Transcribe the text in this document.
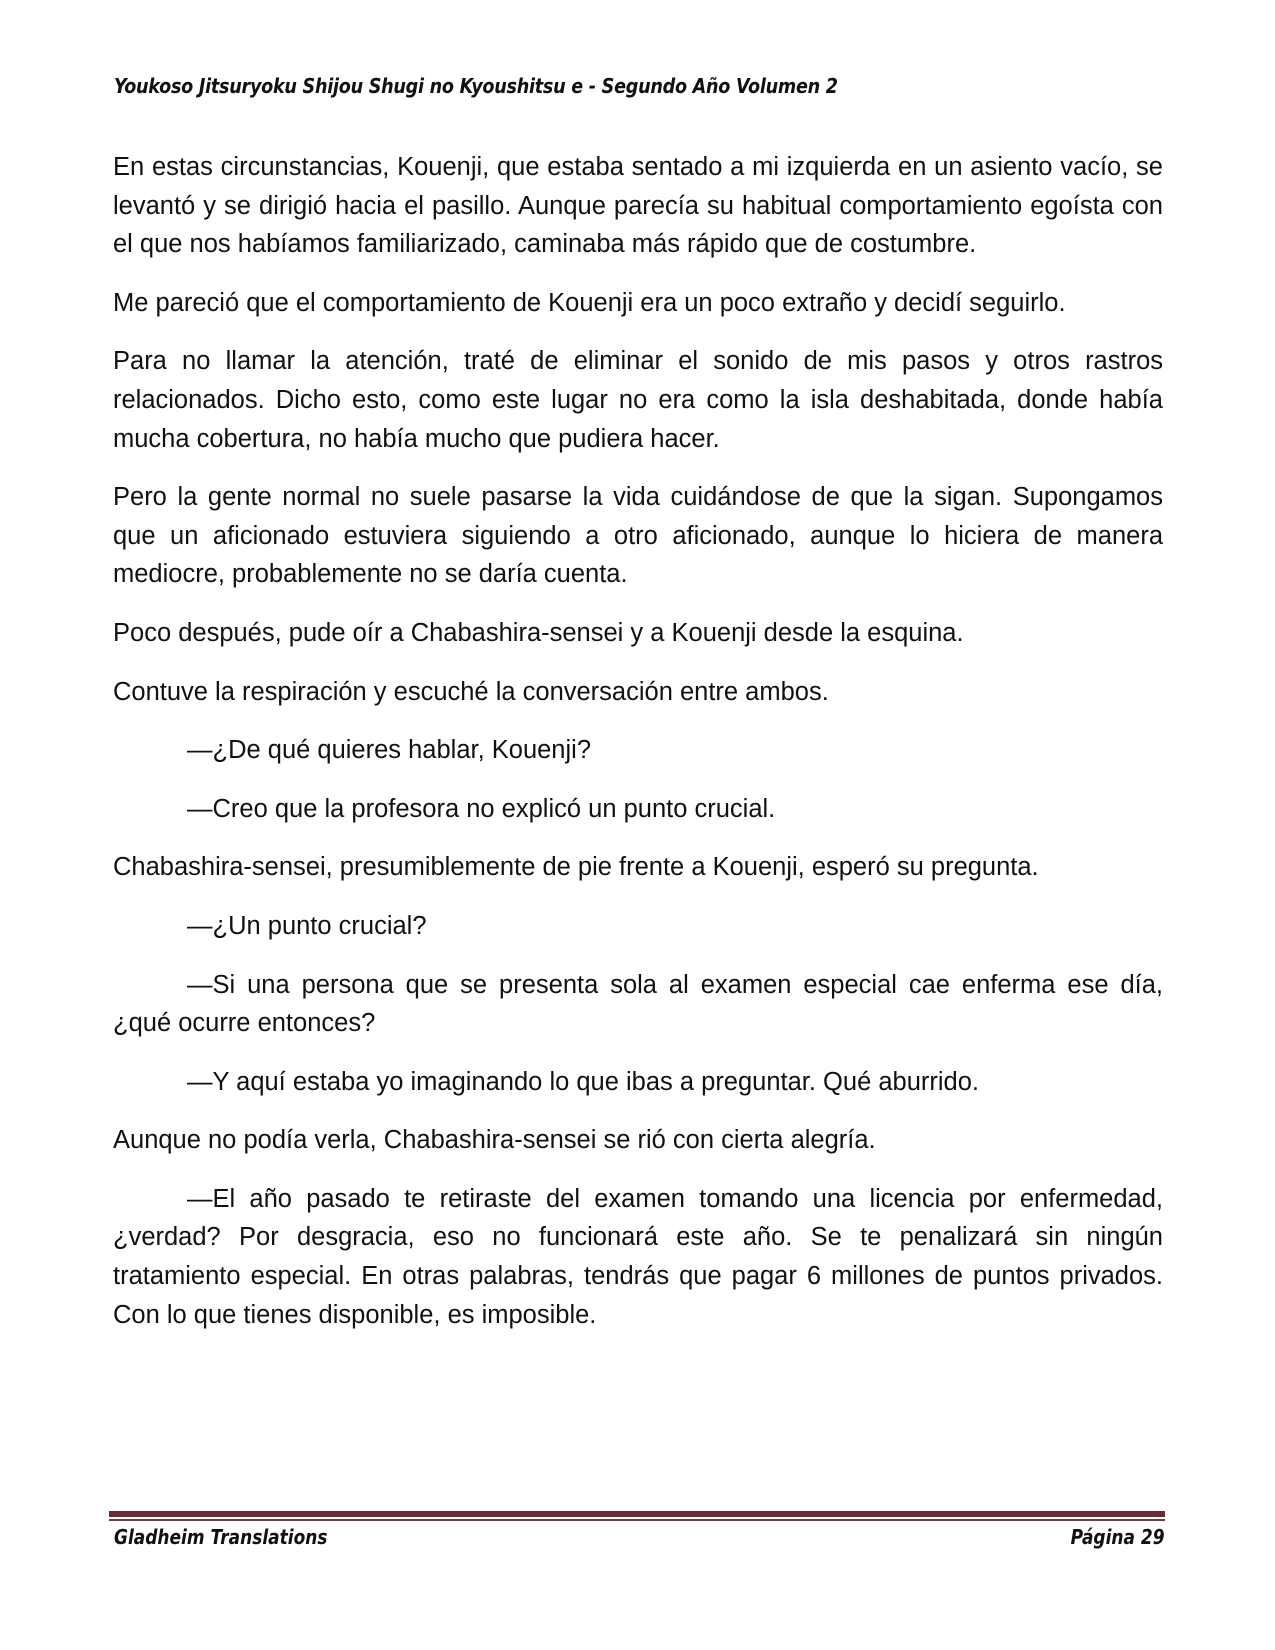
Youkoso Jitsuryoku Shijou Shugi no Kyoushitsu e - Segundo Año Volumen 2

En estas circunstancias, Kouenji, que estaba sentado a mi izquierda en un asiento vacío, se levantó y se dirigió hacia el pasillo. Aunque parecía su habitual comportamiento egoísta con el que nos habíamos familiarizado, caminaba más rápido que de costumbre.

Me pareció que el comportamiento de Kouenji era un poco extraño y decidí seguirlo.

Para no llamar la atención, traté de eliminar el sonido de mis pasos y otros rastros relacionados. Dicho esto, como este lugar no era como la isla deshabitada, donde había mucha cobertura, no había mucho que pudiera hacer.

Pero la gente normal no suele pasarse la vida cuidándose de que la sigan. Supongamos que un aficionado estuviera siguiendo a otro aficionado, aunque lo hiciera de manera mediocre, probablemente no se daría cuenta.

Poco después, pude oír a Chabashira-sensei y a Kouenji desde la esquina.

Contuve la respiración y escuché la conversación entre ambos.

—¿De qué quieres hablar, Kouenji?

—Creo que la profesora no explicó un punto crucial.

Chabashira-sensei, presumiblemente de pie frente a Kouenji, esperó su pregunta.

—¿Un punto crucial?

—Si una persona que se presenta sola al examen especial cae enferma ese día, ¿qué ocurre entonces?

—Y aquí estaba yo imaginando lo que ibas a preguntar. Qué aburrido.

Aunque no podía verla, Chabashira-sensei se rió con cierta alegría.

—El año pasado te retiraste del examen tomando una licencia por enfermedad, ¿verdad? Por desgracia, eso no funcionará este año. Se te penalizará sin ningún tratamiento especial. En otras palabras, tendrás que pagar 6 millones de puntos privados. Con lo que tienes disponible, es imposible.

Gladheim Translations	Página 29
